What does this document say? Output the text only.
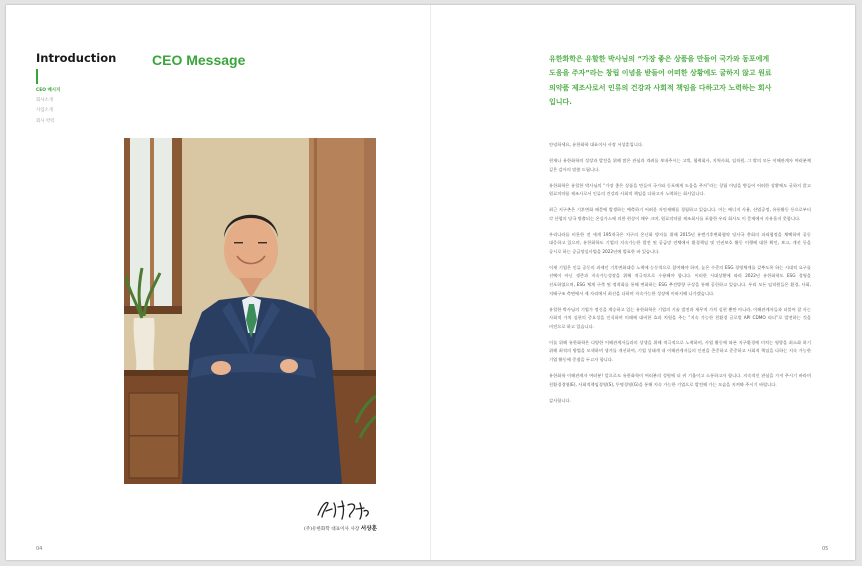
Introduction
CEO 메시지
회사소개
사업소개
회사 약력
CEO Message
(주)유한화학 대표이사 사장 서상훈
04

유한화학은 유할한 박사님의 “가장 좋은 상품을 만들어 국가와 동포에게 도움을 주자”라는 창립 이념을 받들어 어떠한 상황에도 굴하지 않고 원료의약품 제조사로서 인류의 건강과 사회적 책임을 다하고자 노력하는 회사입니다.

안녕하세요, 유한화학 대표이사 사장 서상훈입니다.

현재나 유한화학의 성장과 발전을 위해 많은 관심과 격려를 보내주시는 고객, 협력회사, 지역사회, 임직원, 그 밖의 모든 이해관계자 여러분께 깊은 감사의 말씀 드립니다.

유한화학은 유할한 박사님의 “가장 좋은 상품을 만들어 국가와 동포에게 도움을 주자”라는 창립 이념을 받들어 어떠한 상황에도 굴하지 않고 원료의약품 제조사로서 인류의 건강과 사회적 책임을 다하고자 노력하는 회사입니다.

최근 지구촌은 기후변화 때문에 발생하는 예측하기 어려운 자연재해를 경험하고 있습니다. 이는 에너지 사용, 산업공정, 유통활동 등으로부터 각 산업의 당국 방출되는 온실가스에 의한 현상이 매우 크며, 원료의약품 제조회사를 포함한 우리 회사도 이 문제에서 자유롭지 못합니다.

우리나라를 비롯한 전 세계 195개국은 지구의 온난화 방지를 위해 2015년 유엔기후변화협약 당사국 총회의 파리협정을 채택하며 공동 대응하고 있으며, 유한화학도 기업의 지속가능한 발전 및 공급망 전체에서 환경책임 및 인권보호 활동 이행에 대한 확인, 보고, 개선 등을 공시로 하는 공급망실사법을 2022년에 발표한 바 있습니다.

이제 기업은 인류 공동의 과제인 기후변화대응 노력에 능동적으로 참여해야 하며, 높은 수준의 ESG 경영체계를 갖추도록 하는 시대적 요구를 선택이 아닌 생존과 지속가능성장을 위해 적극적으로 수용해야 합니다. 이러한 시대상황에 따라 2022년 유한화학도 ESG 경영을 선포하였으며, ESG 체계 구축 및 정착화를 통해 변화하는 ESG 추진방향 구상을 통해 공헌하고 있습니다. 우리 모든 임직원들은 환경, 사회, 지배구조 측면에서 제 자리에서 최선을 다하며 지속가능한 성장에 이바지해 나가겠습니다.

유할한 박사님의 기업가 정신을 계승하고 있는 유한화학은 기업의 기술 발전과 재무적 가치 실현 뿐만 아니라, 이해관계자들과 더불어 잘 사는 사회적 가치 실현의 중요성을 인식하며 미래에 대비한 효과 치원을 주는 “지속 가능한 친환경 글로벌 API CDMO 리더”로 발전하는 것을 비전으로 하고 있습니다.

이를 위해 유한화학은 다양한 이해관계자들과의 상생을 위해 적극적으로 노력하며, 사업 활동에 따른 지구환경에 미치는 영향을 최소화 하기 위해 최적의 방법을 모색하며 생겨를 개선하여, 기업 상태계 내 이해관계자들의 인권을 존중하고 준중하고 사회적 책임을 다하는 지속 가능한 기업 활동에 중점을 두고자 합니다.

유한화학 이해관계자 여러분! 앞으로도 유한화학이 여러분의 성원에 더 귀 기울이고 소통하고자 합니다. 지속적인 관심을 가져 주시기 바라며 친환경경영(E), 사회적책임경영(S), 투명경영(G)을 통해 지속 가능한 기업으로 발전해 가는 모습을 지켜봐 주시기 바랍니다.

감사합니다.

05
